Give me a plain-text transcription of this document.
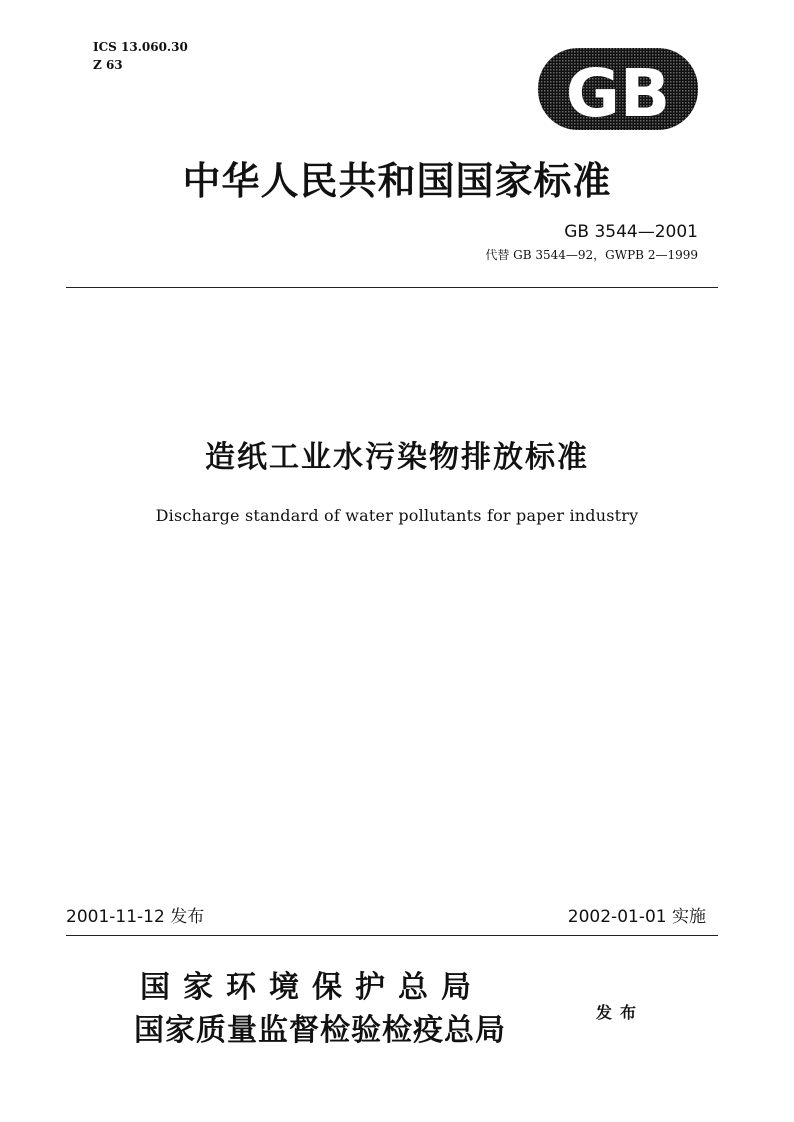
ICS 13.060.30
Z 63	GB
中华人民共和国国家标准
GB 3544—2001
代替 GB 3544—92，GWPB 2—1999
造纸工业水污染物排放标准
Discharge standard of water pollutants for paper industry
2001-11-12 发布	2002-01-01 实施
国家环境保护总局
国家质量监督检验检疫总局
发布
